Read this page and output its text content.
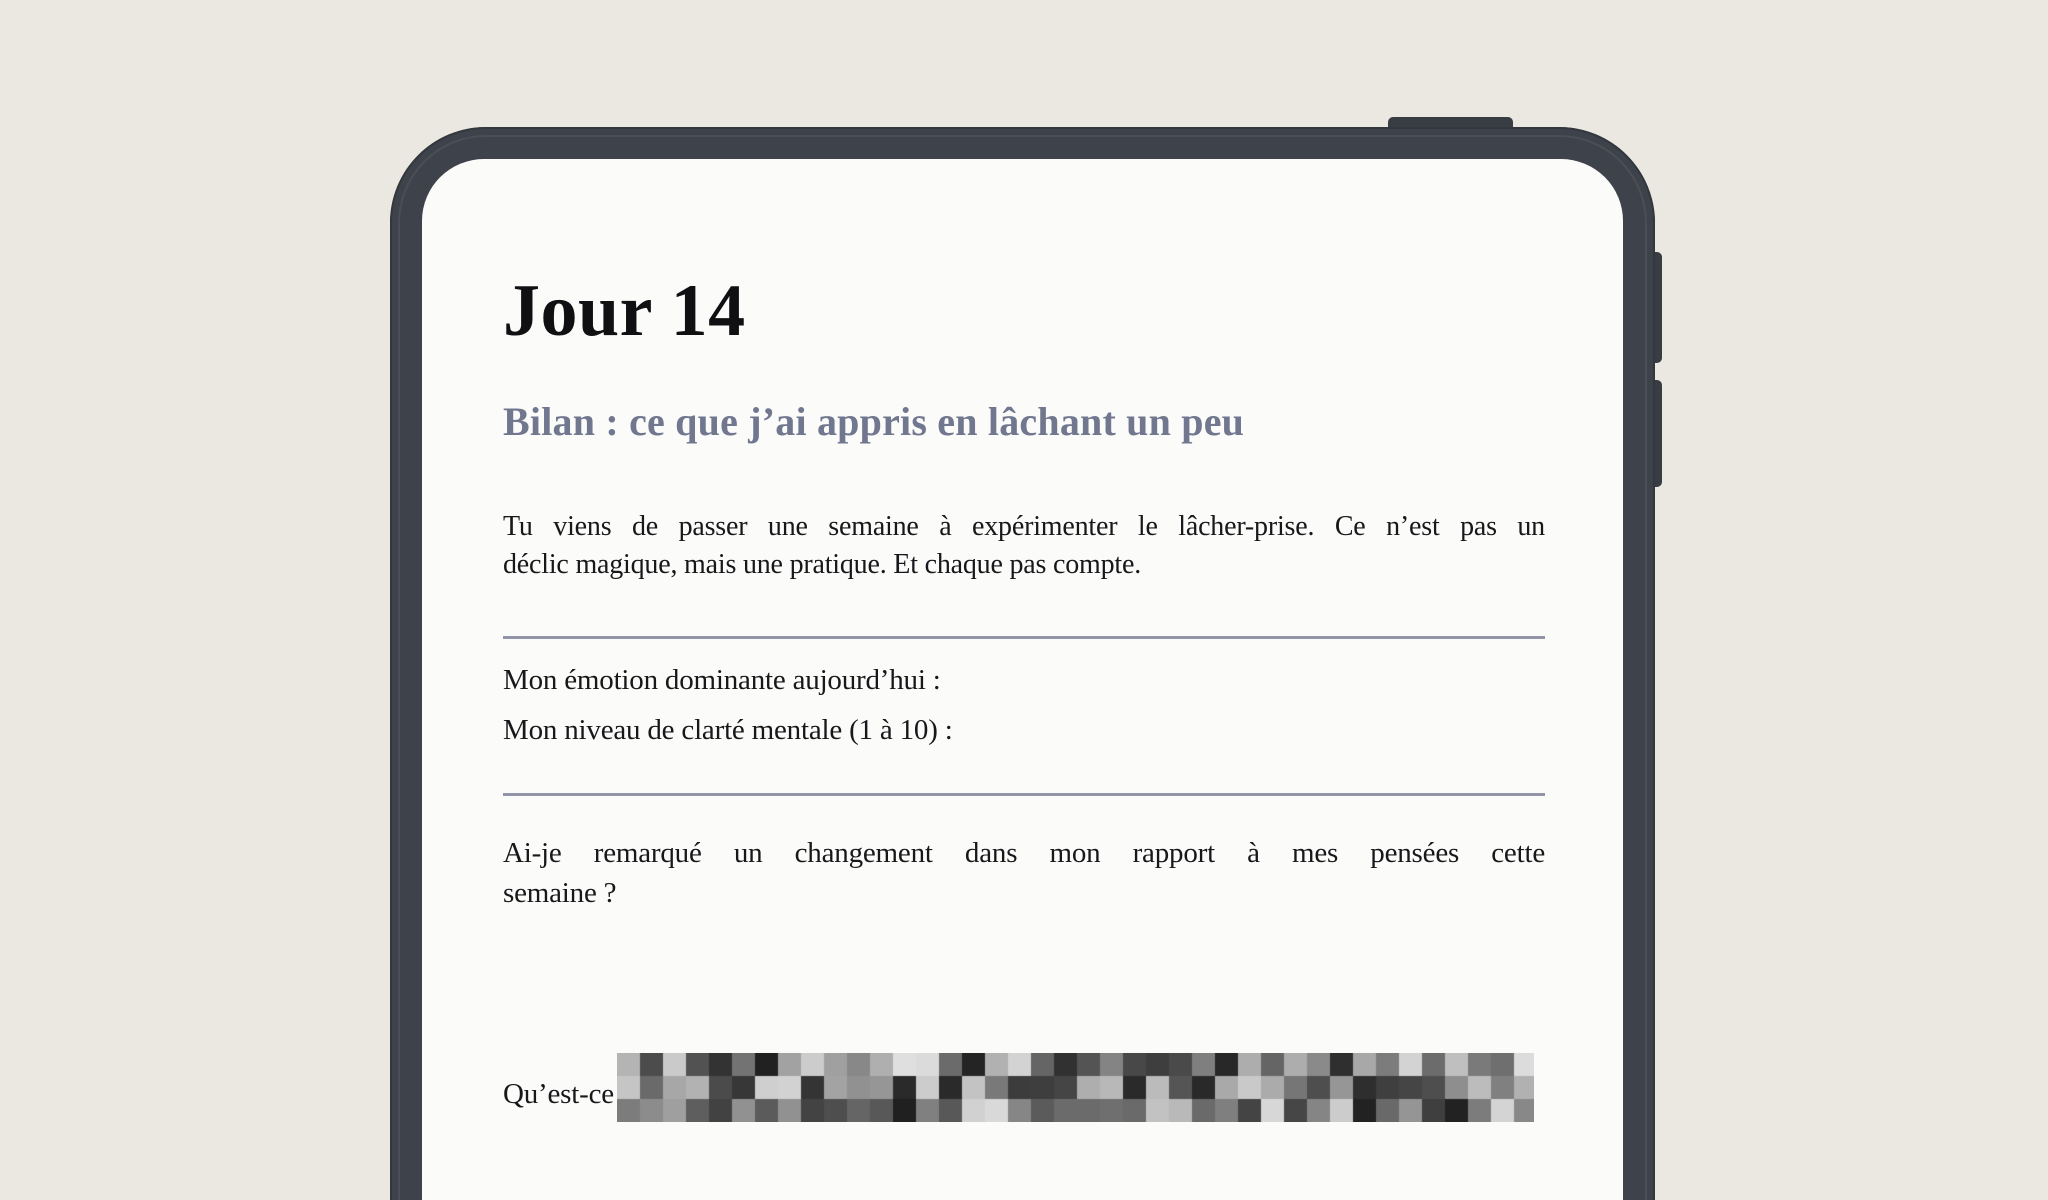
Jour 14
Bilan : ce que j’ai appris en lâchant un peu
Tu viens de passer une semaine à expérimenter le lâcher-prise. Ce n’est pas un
déclic magique, mais une pratique. Et chaque pas compte.

Mon émotion dominante aujourd’hui :

Mon niveau de clarté mentale (1 à 10) :

Ai-je remarqué un changement dans mon rapport à mes pensées cette
semaine ?
Qu’est-ce
